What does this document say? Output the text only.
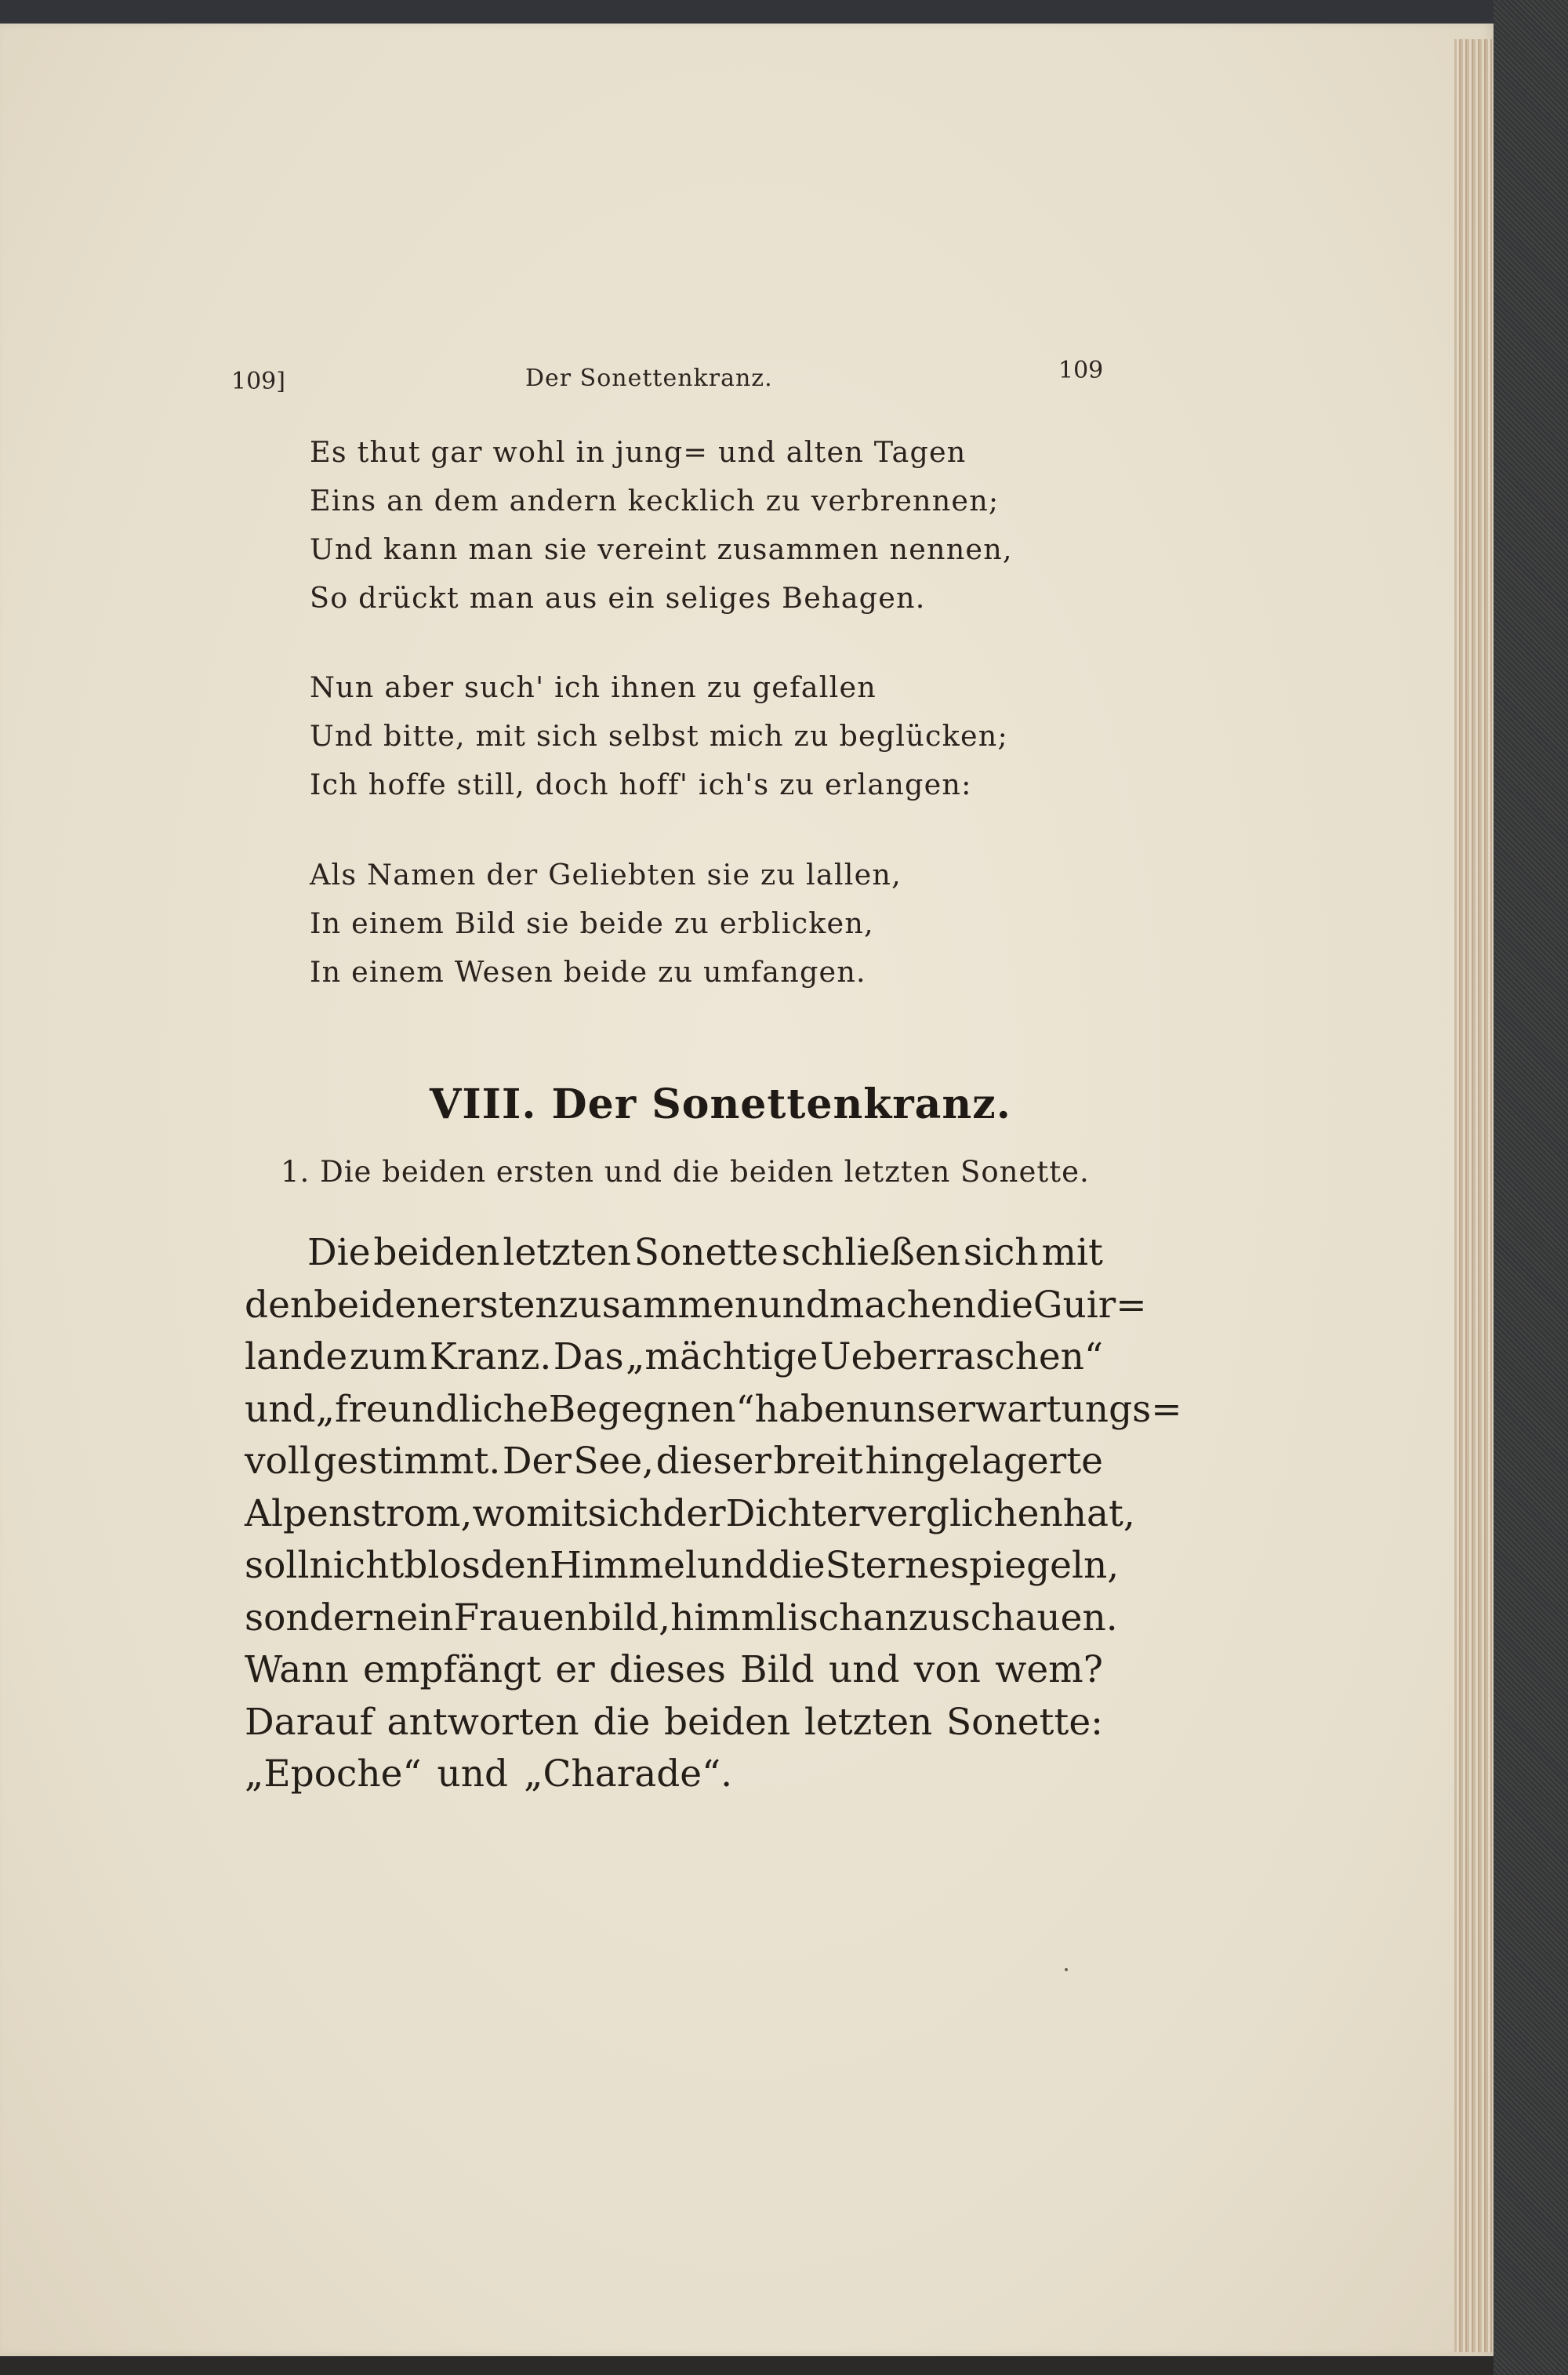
109]	Der Sonettenkranz.	109
Es thut gar wohl in jung= und alten Tagen
Eins an dem andern kecklich zu verbrennen;
Und kann man sie vereint zusammen nennen,
So drückt man aus ein seliges Behagen.
Nun aber such' ich ihnen zu gefallen
Und bitte, mit sich selbst mich zu beglücken;
Ich hoffe still, doch hoff' ich's zu erlangen:
Als Namen der Geliebten sie zu lallen,
In einem Bild sie beide zu erblicken,
In einem Wesen beide zu umfangen.
VIII. Der Sonettenkranz.
1. Die beiden ersten und die beiden letzten Sonette.
Die beiden letzten Sonette schließen sich mit
den beiden ersten zusammen und machen die Guir=
lande zum Kranz. Das „mächtige Ueberraschen“
und „freundliche Begegnen“ haben uns erwartungs=
voll gestimmt. Der See, dieser breit hingelagerte
Alpenstrom, womit sich der Dichter verglichen hat,
soll nicht blos den Himmel und die Sterne spiegeln,
sondern ein Frauenbild, himmlisch anzuschauen.
Wann empfängt er dieses Bild und von wem?
Darauf antworten die beiden letzten Sonette:
„Epoche“ und „Charade“.
